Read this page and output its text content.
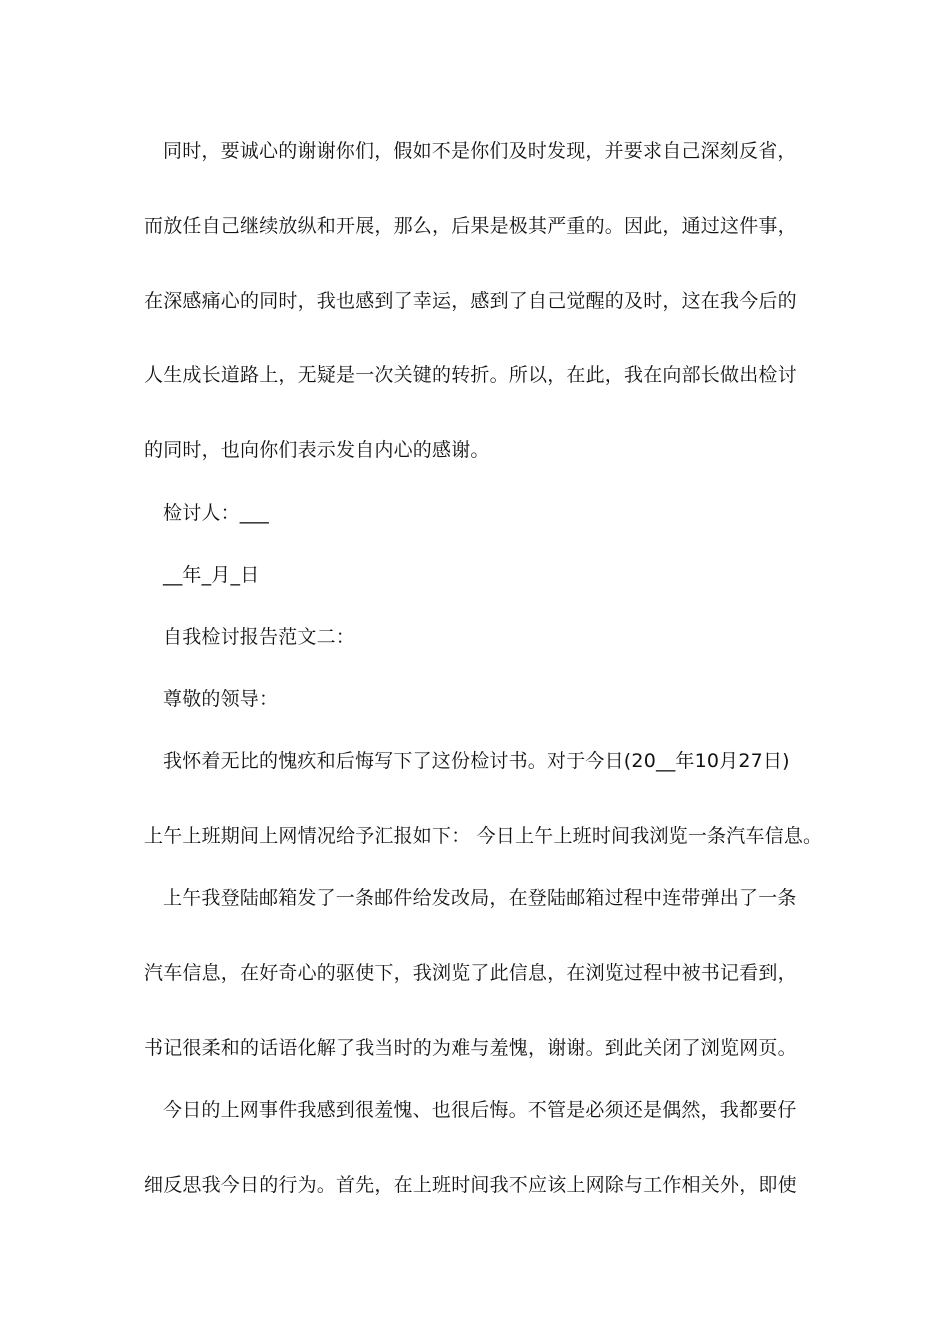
同时，要诚心的谢谢你们，假如不是你们及时发现，并要求自己深刻反省，
而放任自己继续放纵和开展，那么，后果是极其严重的。因此，通过这件事，
在深感痛心的同时，我也感到了幸运，感到了自己觉醒的及时，这在我今后的
人生成长道路上，无疑是一次关键的转折。所以，在此，我在向部长做出检讨
的同时，也向你们表示发自内心的感谢。
检讨人：___
__年_月_日
自我检讨报告范文二：
尊敬的领导：
我怀着无比的愧疚和后悔写下了这份检讨书。对于今日(20__年10月27日)
上午上班期间上网情况给予汇报如下： 今日上午上班时间我浏览一条汽车信息。
上午我登陆邮箱发了一条邮件给发改局，在登陆邮箱过程中连带弹出了一条
汽车信息，在好奇心的驱使下，我浏览了此信息，在浏览过程中被书记看到，
书记很柔和的话语化解了我当时的为难与羞愧，谢谢。到此关闭了浏览网页。
今日的上网事件我感到很羞愧、也很后悔。不管是必须还是偶然，我都要仔
细反思我今日的行为。首先，在上班时间我不应该上网除与工作相关外，即使
